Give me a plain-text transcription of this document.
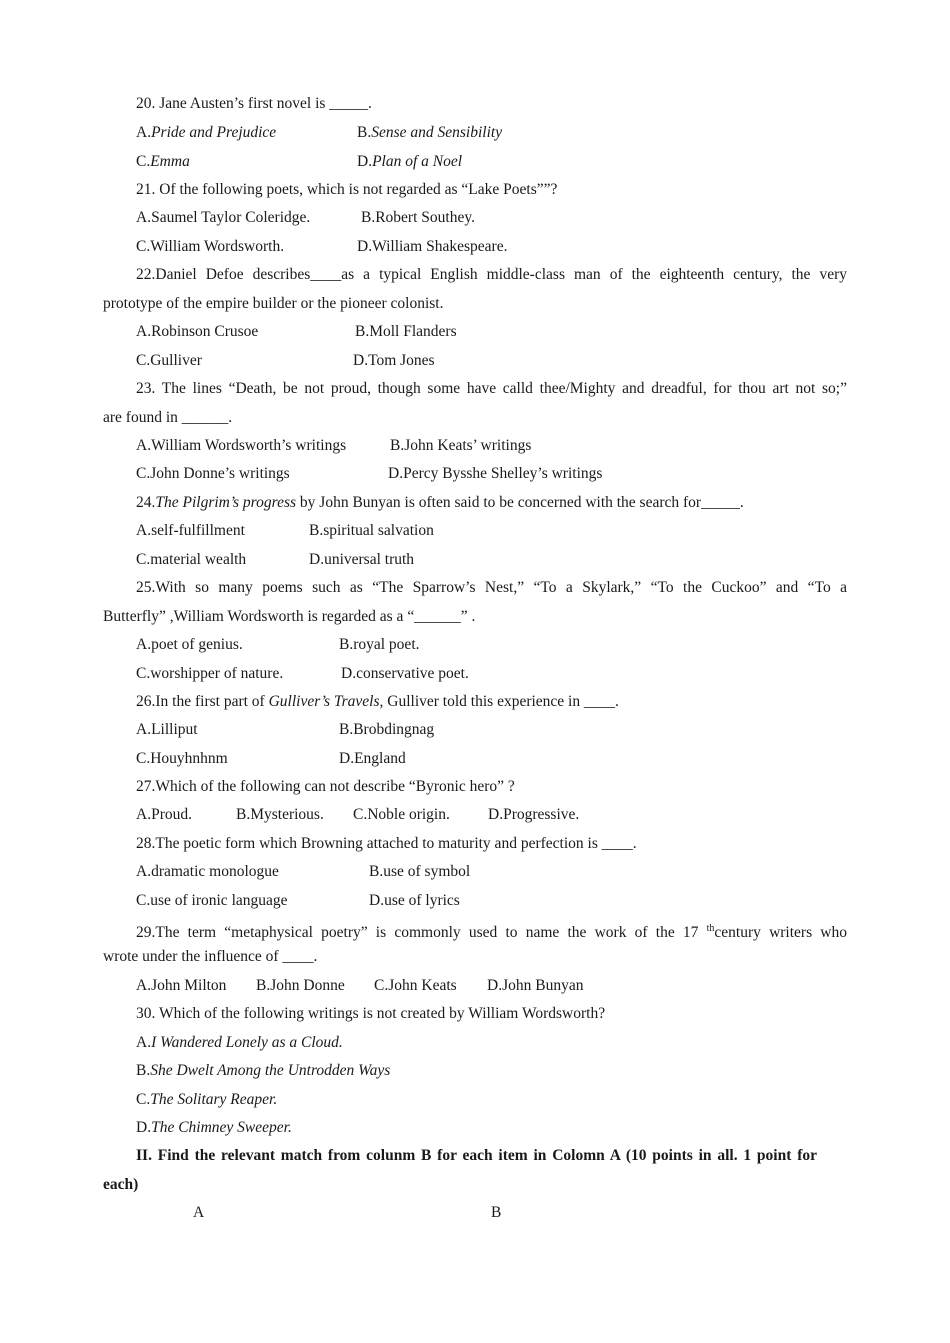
20. Jane Austen’s first novel is _____.
A.Pride and Prejudice	B.Sense and Sensibility
C.Emma	D.Plan of a Noel
21. Of the following poets, which is not regarded as “Lake Poets””?
A.Saumel Taylor Coleridge.	B.Robert Southey.
C.William Wordsworth.	D.William Shakespeare.
22.Daniel Defoe describes____as a typical English middle-class man of the eighteenth century, the very
prototype of the empire builder or the pioneer colonist.
A.Robinson Crusoe	B.Moll Flanders
C.Gulliver	D.Tom Jones
23. The lines “Death, be not proud, though some have calld thee/Mighty and dreadful, for thou art not so;”
are found in ______.
A.William Wordsworth’s writings	B.John Keats’ writings
C.John Donne’s writings	D.Percy Bysshe Shelley’s writings
24.The Pilgrim’s progress by John Bunyan is often said to be concerned with the search for_____.
A.self-fulfillment	B.spiritual salvation
C.material wealth	D.universal truth
25.With so many poems such as “The Sparrow’s Nest,” “To a Skylark,” “To the Cuckoo” and “To a
Butterfly” ,William Wordsworth is regarded as a “______” .
A.poet of genius.	B.royal poet.
C.worshipper of nature.	D.conservative poet.
26.In the first part of Gulliver’s Travels, Gulliver told this experience in ____.
A.Lilliput	B.Brobdingnag
C.Houyhnhnm	D.England
27.Which of the following can not describe “Byronic hero” ?
A.Proud.	B.Mysterious. C.Noble origin. D.Progressive.
28.The poetic form which Browning attached to maturity and perfection is ____.
A.dramatic monologue	B.use of symbol
C.use of ironic language	D.use of lyrics
29.The term “metaphysical poetry” is commonly used to name the work of the 17 $^{th}$century writers who
wrote under the influence of ____.
A.John Milton B.John Donne C.John Keats D.John Bunyan
30. Which of the following writings is not created by William Wordsworth?
A.I Wandered Lonely as a Cloud.
B.She Dwelt Among the Untrodden Ways
C.The Solitary Reaper.
D.The Chimney Sweeper.
II. Find the relevant match from colunm B for each item in Colomn A (10 points in all. 1 point for
each)
A	B
